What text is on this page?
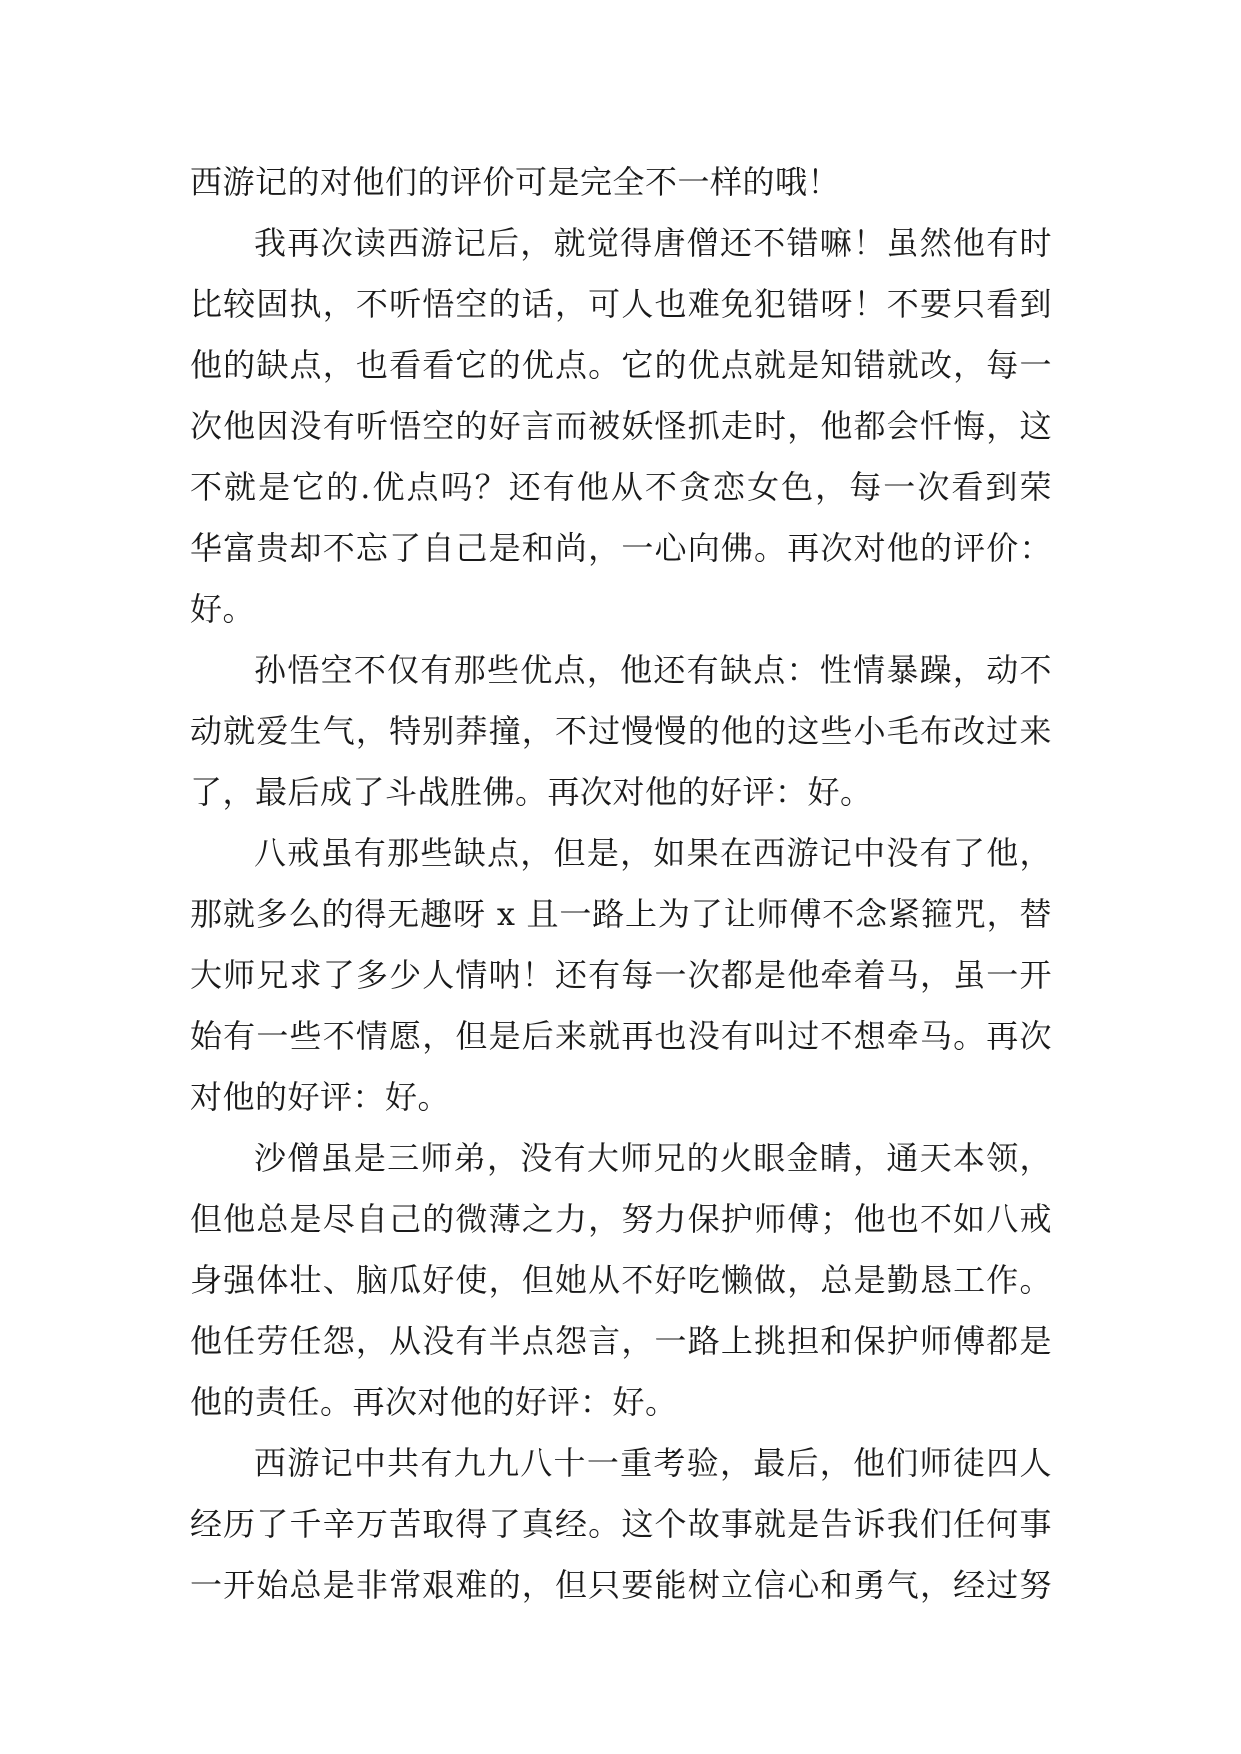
西游记的对他们的评价可是完全不一样的哦！
我再次读西游记后，就觉得唐僧还不错嘛！虽然他有时
比较固执，不听悟空的话，可人也难免犯错呀！不要只看到
他的缺点，也看看它的优点。它的优点就是知错就改，每一
次他因没有听悟空的好言而被妖怪抓走时，他都会忏悔，这
不就是它的.优点吗？还有他从不贪恋女色，每一次看到荣
华富贵却不忘了自己是和尚，一心向佛。再次对他的评价：
好。
孙悟空不仅有那些优点，他还有缺点：性情暴躁，动不
动就爱生气，特别莽撞，不过慢慢的他的这些小毛布改过来
了，最后成了斗战胜佛。再次对他的好评：好。
八戒虽有那些缺点，但是，如果在西游记中没有了他，
那就多么的得无趣呀 x 且一路上为了让师傅不念紧箍咒，替
大师兄求了多少人情呐！还有每一次都是他牵着马，虽一开
始有一些不情愿，但是后来就再也没有叫过不想牵马。再次
对他的好评：好。
沙僧虽是三师弟，没有大师兄的火眼金睛，通天本领，
但他总是尽自己的微薄之力，努力保护师傅；他也不如八戒
身强体壮、脑瓜好使，但她从不好吃懒做，总是勤恳工作。
他任劳任怨，从没有半点怨言，一路上挑担和保护师傅都是
他的责任。再次对他的好评：好。
西游记中共有九九八十一重考验，最后，他们师徒四人
经历了千辛万苦取得了真经。这个故事就是告诉我们任何事
一开始总是非常艰难的，但只要能树立信心和勇气，经过努
